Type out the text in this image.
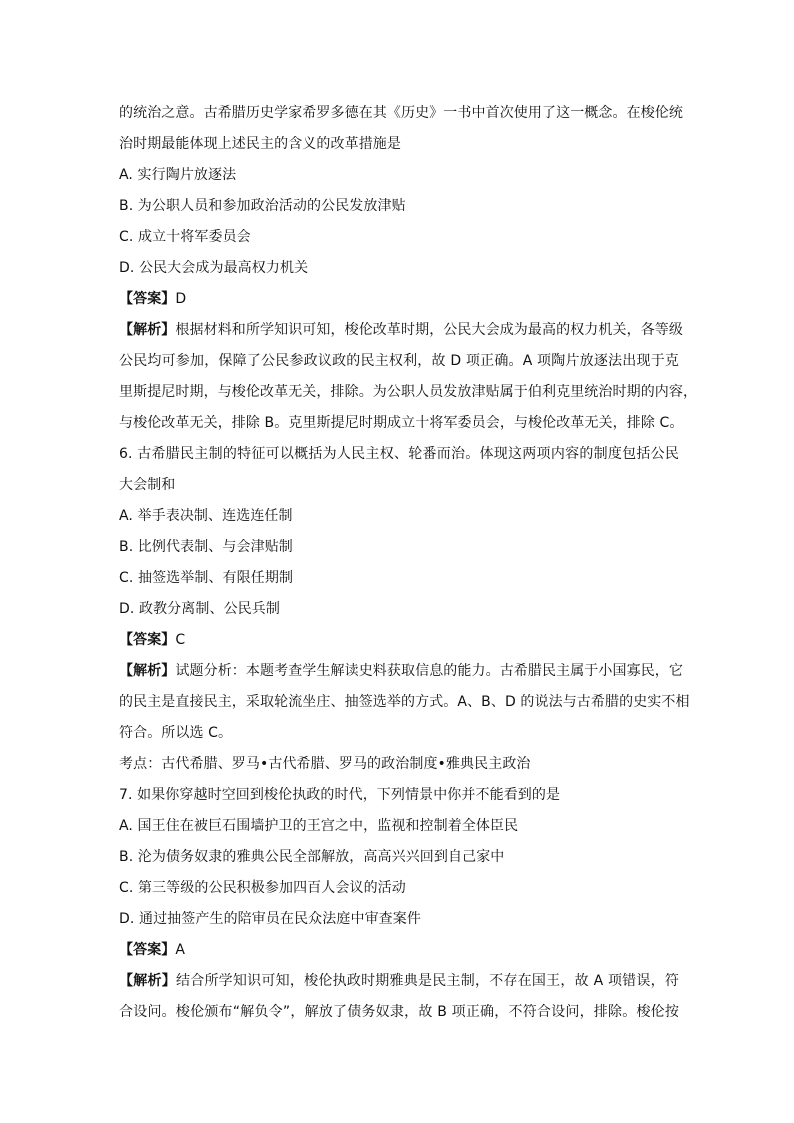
的统治之意。古希腊历史学家希罗多德在其《历史》一书中首次使用了这一概念。在梭伦统
治时期最能体现上述民主的含义的改革措施是
A. 实行陶片放逐法
B. 为公职人员和参加政治活动的公民发放津贴
C. 成立十将军委员会
D. 公民大会成为最高权力机关
【答案】D
【解析】根据材料和所学知识可知，梭伦改革时期，公民大会成为最高的权力机关，各等级
公民均可参加，保障了公民参政议政的民主权利，故 D 项正确。A 项陶片放逐法出现于克
里斯提尼时期，与梭伦改革无关，排除。为公职人员发放津贴属于伯利克里统治时期的内容，
与梭伦改革无关，排除 B。克里斯提尼时期成立十将军委员会，与梭伦改革无关，排除 C。
6. 古希腊民主制的特征可以概括为人民主权、轮番而治。体现这两项内容的制度包括公民
大会制和
A. 举手表决制、连选连任制
B. 比例代表制、与会津贴制
C. 抽签选举制、有限任期制
D. 政教分离制、公民兵制
【答案】C
【解析】试题分析：本题考查学生解读史料获取信息的能力。古希腊民主属于小国寡民，它
的民主是直接民主，采取轮流坐庄、抽签选举的方式。A、B、D 的说法与古希腊的史实不相
符合。所以选 C。
考点：古代希腊、罗马•古代希腊、罗马的政治制度•雅典民主政治
7. 如果你穿越时空回到梭伦执政的时代，下列情景中你并不能看到的是
A. 国王住在被巨石围墙护卫的王宫之中，监视和控制着全体臣民
B. 沦为债务奴隶的雅典公民全部解放，高高兴兴回到自己家中
C. 第三等级的公民积极参加四百人会议的活动
D. 通过抽签产生的陪审员在民众法庭中审查案件
【答案】A
【解析】结合所学知识可知，梭伦执政时期雅典是民主制，不存在国王，故 A 项错误，符
合设问。梭伦颁布“解负令”，解放了债务奴隶，故 B 项正确，不符合设问，排除。梭伦按
